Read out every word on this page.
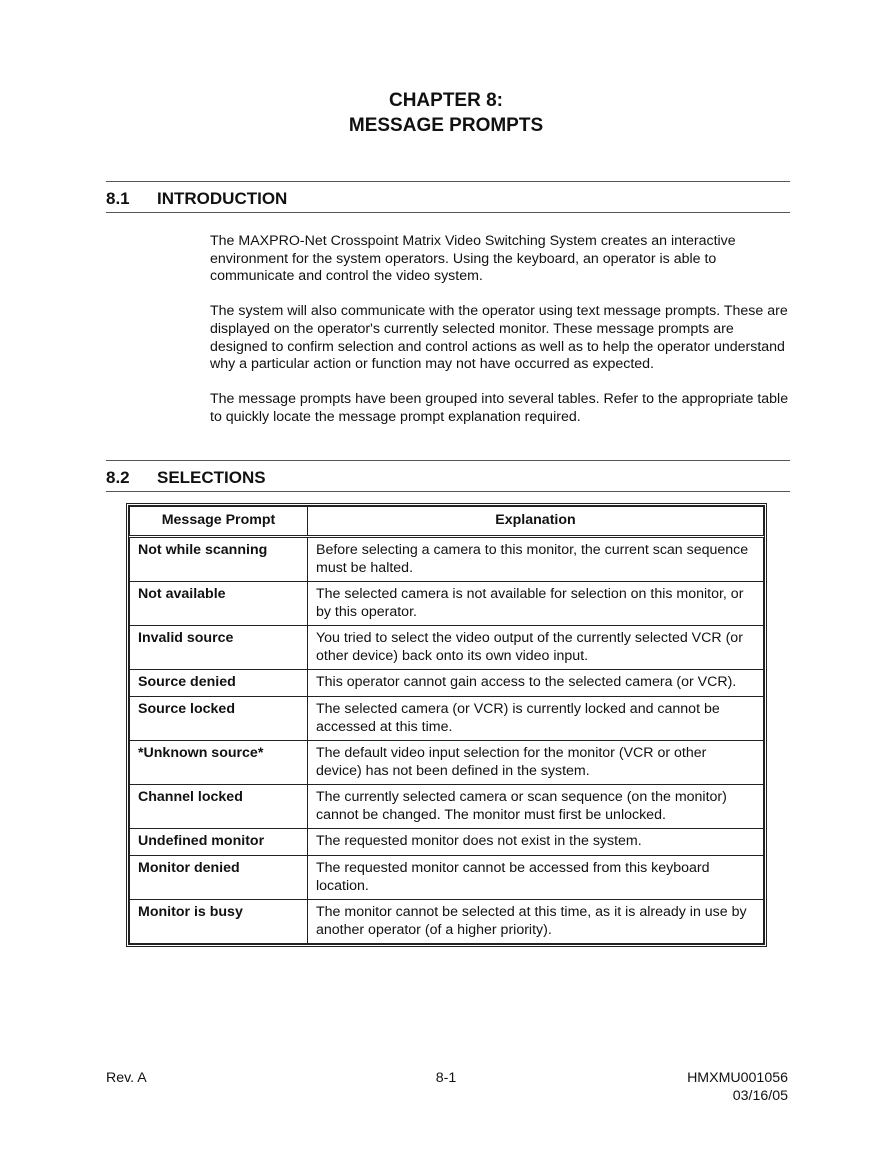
CHAPTER 8:
MESSAGE PROMPTS
8.1 INTRODUCTION

The MAXPRO-Net Crosspoint Matrix Video Switching System creates an interactive environment for the system operators. Using the keyboard, an operator is able to communicate and control the video system.

The system will also communicate with the operator using text message prompts. These are displayed on the operator's currently selected monitor. These message prompts are designed to confirm selection and control actions as well as to help the operator understand why a particular action or function may not have occurred as expected.

The message prompts have been grouped into several tables. Refer to the appropriate table to quickly locate the message prompt explanation required.

8.2 SELECTIONS
Message Prompt	Explanation
Not while scanning	Before selecting a camera to this monitor, the current scan sequence must be halted.
Not available	The selected camera is not available for selection on this monitor, or by this operator.
Invalid source	You tried to select the video output of the currently selected VCR (or other device) back onto its own video input.
Source denied	This operator cannot gain access to the selected camera (or VCR).
Source locked	The selected camera (or VCR) is currently locked and cannot be accessed at this time.
*Unknown source*	The default video input selection for the monitor (VCR or other device) has not been defined in the system.
Channel locked	The currently selected camera or scan sequence (on the monitor) cannot be changed. The monitor must first be unlocked.
Undefined monitor	The requested monitor does not exist in the system.
Monitor denied	The requested monitor cannot be accessed from this keyboard location.
Monitor is busy	The monitor cannot be selected at this time, as it is already in use by another operator (of a higher priority).
Rev. A	8-1	HMXMU001056
03/16/05
